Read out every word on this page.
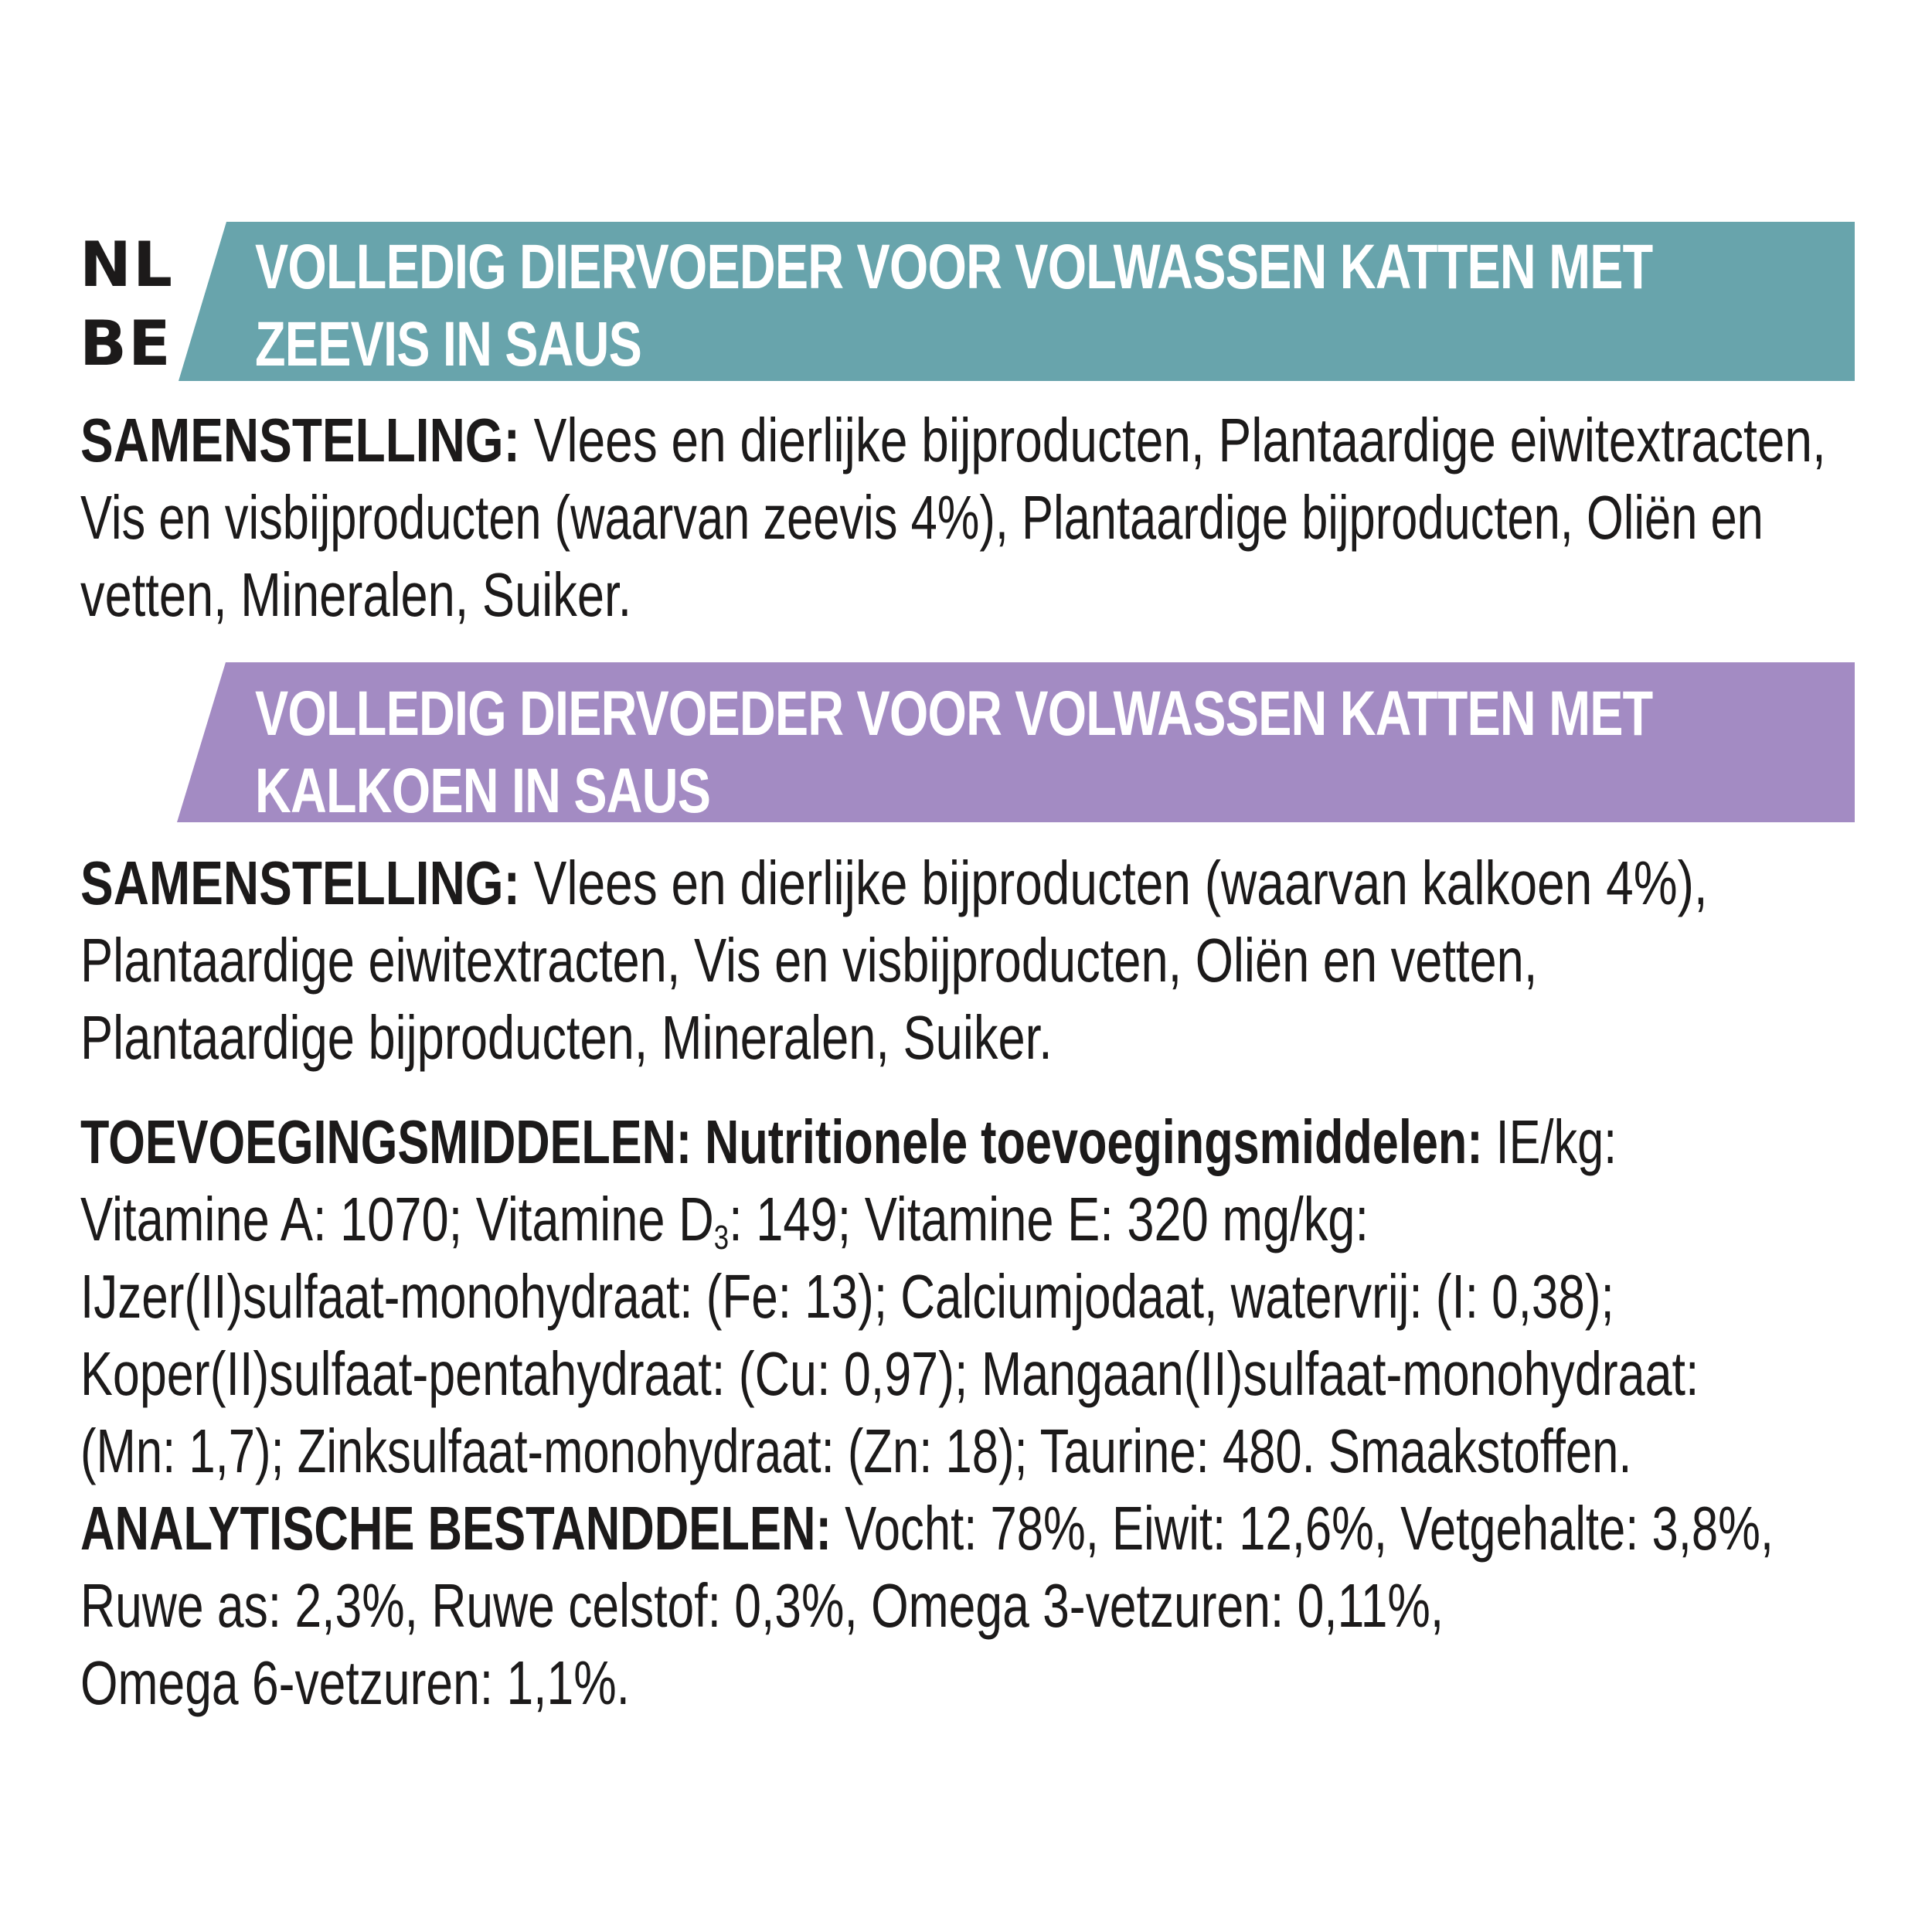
NL
BE
VOLLEDIG DIERVOEDER VOOR VOLWASSEN KATTEN MET
ZEEVIS IN SAUS
SAMENSTELLING: Vlees en dierlijke bijproducten, Plantaardige eiwitextracten,
Vis en visbijproducten (waarvan zeevis 4%), Plantaardige bijproducten, Oliën en
vetten, Mineralen, Suiker.
VOLLEDIG DIERVOEDER VOOR VOLWASSEN KATTEN MET
KALKOEN IN SAUS
SAMENSTELLING: Vlees en dierlijke bijproducten (waarvan kalkoen 4%),
Plantaardige eiwitextracten, Vis en visbijproducten, Oliën en vetten,
Plantaardige bijproducten, Mineralen, Suiker.
TOEVOEGINGSMIDDELEN: Nutritionele toevoegingsmiddelen: IE/kg:
Vitamine A: 1070; Vitamine $D_3$: 149; Vitamine E: 320 mg/kg:
IJzer(II)sulfaat-monohydraat: (Fe: 13); Calciumjodaat, watervrij: (I: 0,38);
Koper(II)sulfaat-pentahydraat: (Cu: 0,97); Mangaan(II)sulfaat-monohydraat:
(Mn: 1,7); Zinksulfaat-monohydraat: (Zn: 18); Taurine: 480. Smaakstoffen.
ANALYTISCHE BESTANDDELEN: Vocht: 78%, Eiwit: 12,6%, Vetgehalte: 3,8%,
Ruwe as: 2,3%, Ruwe celstof: 0,3%, Omega 3-vetzuren: 0,11%,
Omega 6-vetzuren: 1,1%.
